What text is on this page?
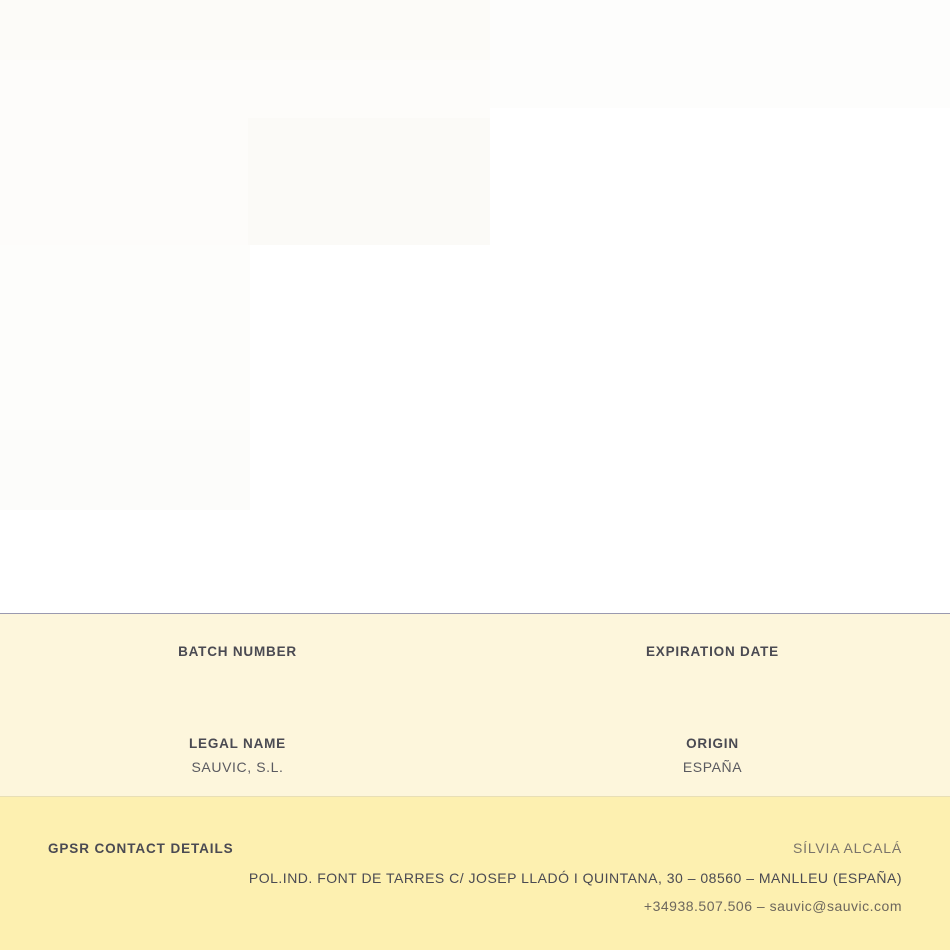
BATCH NUMBER	EXPIRATION DATE
LEGAL NAME
SAUVIC, S.L.
ORIGIN
ESPAÑA
GPSR CONTACT DETAILS	SÍLVIA ALCALÁ
POL.IND. FONT DE TARRES C/ JOSEP LLADÓ I QUINTANA, 30 – 08560 – MANLLEU (ESPAÑA)
+34938.507.506 – sauvic@sauvic.com
